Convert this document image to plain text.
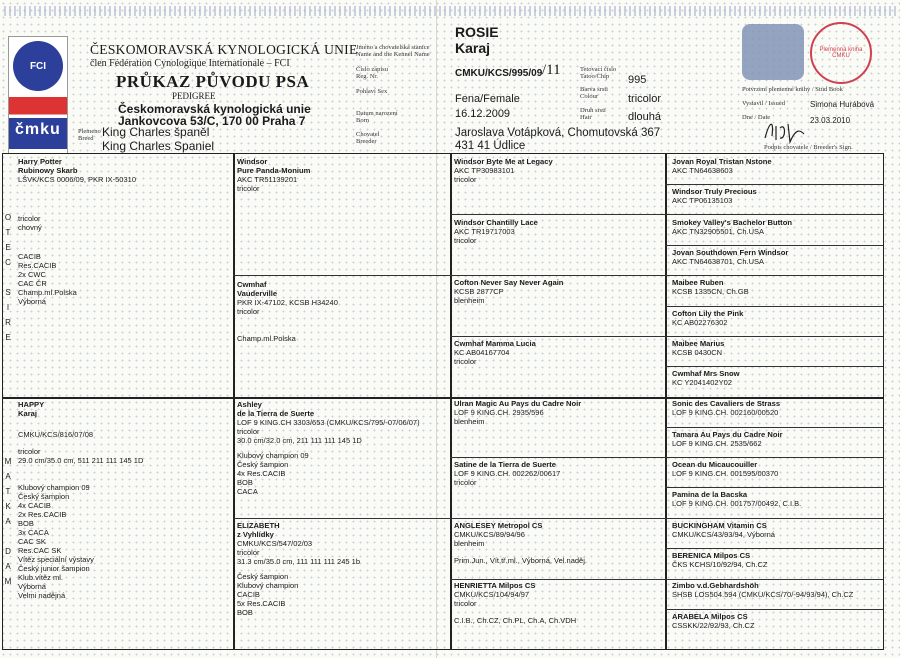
FCI
čmku
ČESKOMORAVSKÁ KYNOLOGICKÁ UNIE
člen Fédération Cynologique Internationale – FCI
PRŮKAZ PŮVODU PSA
PEDIGREE
Českomoravská kynologická unie
Jankovcova 53/C, 170 00 Praha 7
Plemeno
Breed King Charles španěl
King Charles Spaniel
Jméno a chovatelská stanice Name and the Kennel Name
Číslo zápisu Reg. Nr.
Pohlaví Sex
Datum narození Born
Chovatel Breeder
ROSIE
Karaj
CMKU/KCS/995/09 /11	Tetovací číslo Tatoo/Chip	995
Fena/Female
Barva srsti Colour	tricolor
16.12.2009	Druh srsti Hair	dlouhá
Jaroslava Votápková, Chomutovská 367
431 41 Údlice
Plemenná kniha ČMKU
Potvrzení plemenné knihy / Stud Book
Vystavil / Issued	Simona Hurábová
Dne / Date	23.03.2010
Podpis chovatele / Breeder's Sign.
O
T
E
C

S
I
R
E
M
A
T
K
A

D
A
M
Harry Potter
Rubinowy Skarb
LŠVK/KCS 0006/09, PKR IX-50310
tricolor
chovný
CACIB
Res.CACIB
2x CWC
CAC ČR
Champ.ml.Polska
Výborná
HAPPY
Karaj
CMKU/KCS/816/07/08
tricolor
29.0 cm/35.0 cm, 511 211 111 145 1D
Klubový champion 09
Český šampion
4x CACIB
2x Res.CACIB
BOB
3x CACA
CAC SK
Res.CAC SK
Vítěz speciální výstavy
Český junior šampion
Klub.vítěz ml.
Výborná
Velmi nadějná
Windsor
Pure Panda-Monium
AKC TR51139201
tricolor
Cwmhaf
Vauderville
PKR IX-47102, KCSB H34240
tricolor
Champ.ml.Polska
Ashley
de la Tierra de Suerte
LOF 9 KING.CH 3303/653 (CMKU/KCS/795/-07/06/07)
tricolor
30.0 cm/32.0 cm, 211 111 111 145 1D
Klubový champion 09
Český šampion
4x Res.CACIB
BOB
CACA
ELIZABETH
z Vyhlídky
CMKU/KCS/547/02/03
tricolor
31.3 cm/35.0 cm, 111 111 111 245 1b
Český šampion
Klubový champion
CACIB
5x Res.CACIB
BOB
Windsor Byte Me at Legacy
AKC TP30983101
tricolor
Windsor Chantilly Lace
AKC TR19717003
tricolor
Cofton Never Say Never Again
KCSB 2877CP
blenheim
Cwmhaf Mamma Lucia
KC AB04167704
tricolor
Ulran Magic Au Pays du Cadre Noir
LOF 9 KING.CH. 2935/596
blenheim
Satine de la Tierra de Suerte
LOF 9 KING.CH. 002262/00617
tricolor
ANGLESEY Metropol CS
CMKU/KCS/89/94/96
blenheim
Prim.Jun., Vít.tř.ml., Výborná, Vel.naděj.
HENRIETTA Milpos CS
CMKU/KCS/104/94/97
tricolor
C.I.B., Ch.CZ, Ch.PL, Ch.A, Ch.VDH
Jovan Royal Tristan Nstone
AKC TN64638603
Windsor Truly Precious
AKC TP06135103
Smokey Valley's Bachelor Button
AKC TN32905501, Ch.USA
Jovan Southdown Fern Windsor
AKC TN64638701, Ch.USA
Maibee Ruben
KCSB 1335CN, Ch.GB
Cofton Lily the Pink
KC AB02276302
Maibee Marius
KCSB 0430CN
Cwmhaf Mrs Snow
KC Y2041402Y02
Sonic des Cavaliers de Strass
LOF 9 KING.CH. 002160/00520
Tamara Au Pays du Cadre Noir
LOF 9 KING.CH. 2535/662
Ocean du Micaucouiller
LOF 9 KING.CH. 001595/00370
Pamina de la Bacska
LOF 9 KING.CH. 001757/00492, C.I.B.
BUCKINGHAM Vitamin CS
CMKU/KCS/43/93/94, Výborná
BERENICA Milpos CS
ČKS KCHS/10/92/94, Ch.CZ
Zimbo v.d.Gebhardshöh
SHSB LOS504.594 (CMKU/KCS/70/-94/93/94), Ch.CZ
ARABELA Milpos CS
CSSKK/22/92/93, Ch.CZ
